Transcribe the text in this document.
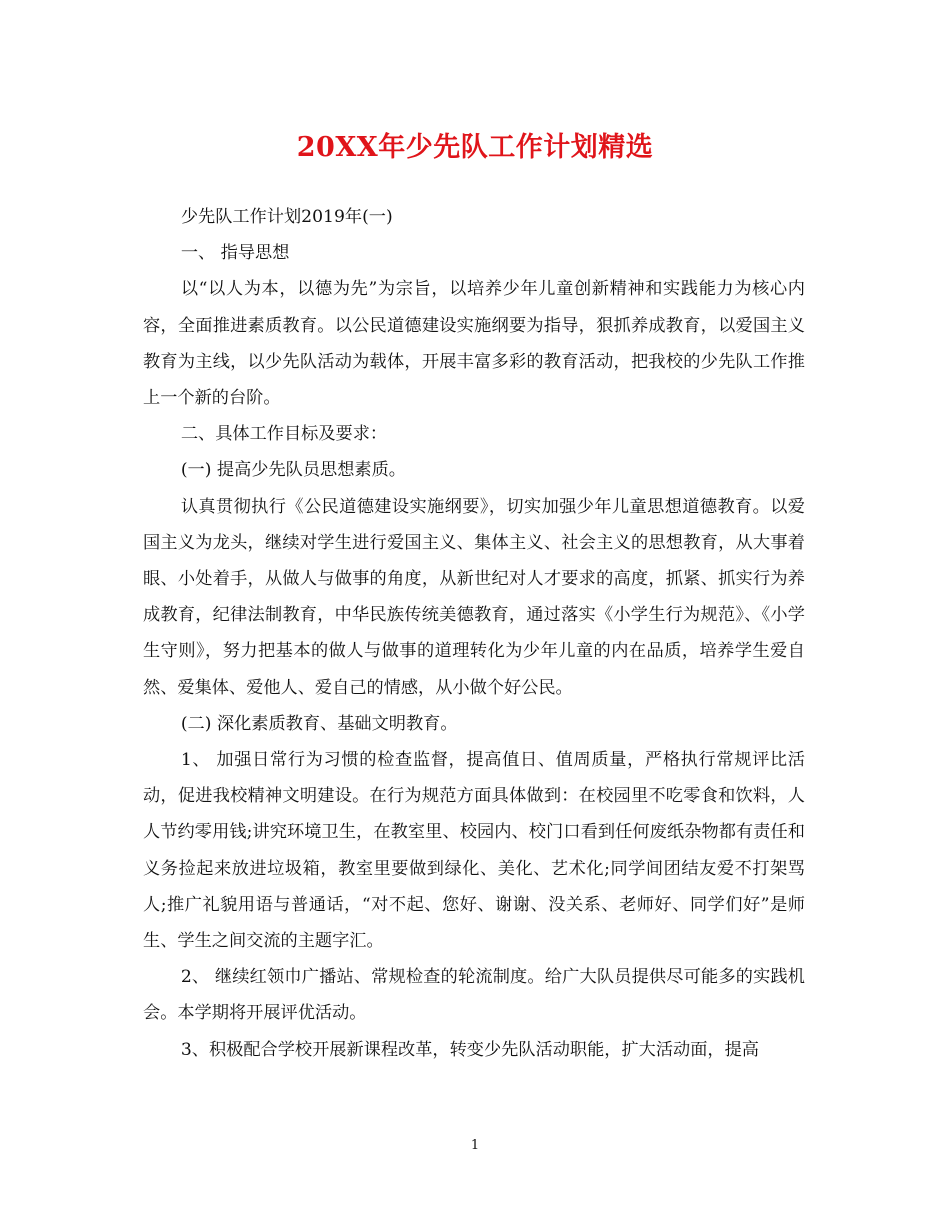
20XX年少先队工作计划精选

少先队工作计划2019年(一)

一、 指导思想

以“以人为本，以德为先”为宗旨，以培养少年儿童创新精神和实践能力为核心内容，全面推进素质教育。以公民道德建设实施纲要为指导，狠抓养成教育，以爱国主义教育为主线，以少先队活动为载体，开展丰富多彩的教育活动，把我校的少先队工作推上一个新的台阶。

二、具体工作目标及要求：

(一) 提高少先队员思想素质。

认真贯彻执行《公民道德建设实施纲要》，切实加强少年儿童思想道德教育。以爱国主义为龙头，继续对学生进行爱国主义、集体主义、社会主义的思想教育，从大事着眼、小处着手，从做人与做事的角度，从新世纪对人才要求的高度，抓紧、抓实行为养成教育，纪律法制教育，中华民族传统美德教育，通过落实《小学生行为规范》、《小学生守则》，努力把基本的做人与做事的道理转化为少年儿童的内在品质，培养学生爱自然、爱集体、爱他人、爱自己的情感，从小做个好公民。

(二) 深化素质教育、基础文明教育。

1、 加强日常行为习惯的检查监督，提高值日、值周质量，严格执行常规评比活动，促进我校精神文明建设。在行为规范方面具体做到：在校园里不吃零食和饮料，人人节约零用钱;讲究环境卫生，在教室里、校园内、校门口看到任何废纸杂物都有责任和义务捡起来放进垃圾箱，教室里要做到绿化、美化、艺术化;同学间团结友爱不打架骂人;推广礼貌用语与普通话，“对不起、您好、谢谢、没关系、老师好、同学们好”是师生、学生之间交流的主题字汇。

2、 继续红领巾广播站、常规检查的轮流制度。给广大队员提供尽可能多的实践机会。本学期将开展评优活动。

3、积极配合学校开展新课程改革，转变少先队活动职能，扩大活动面，提高

1
